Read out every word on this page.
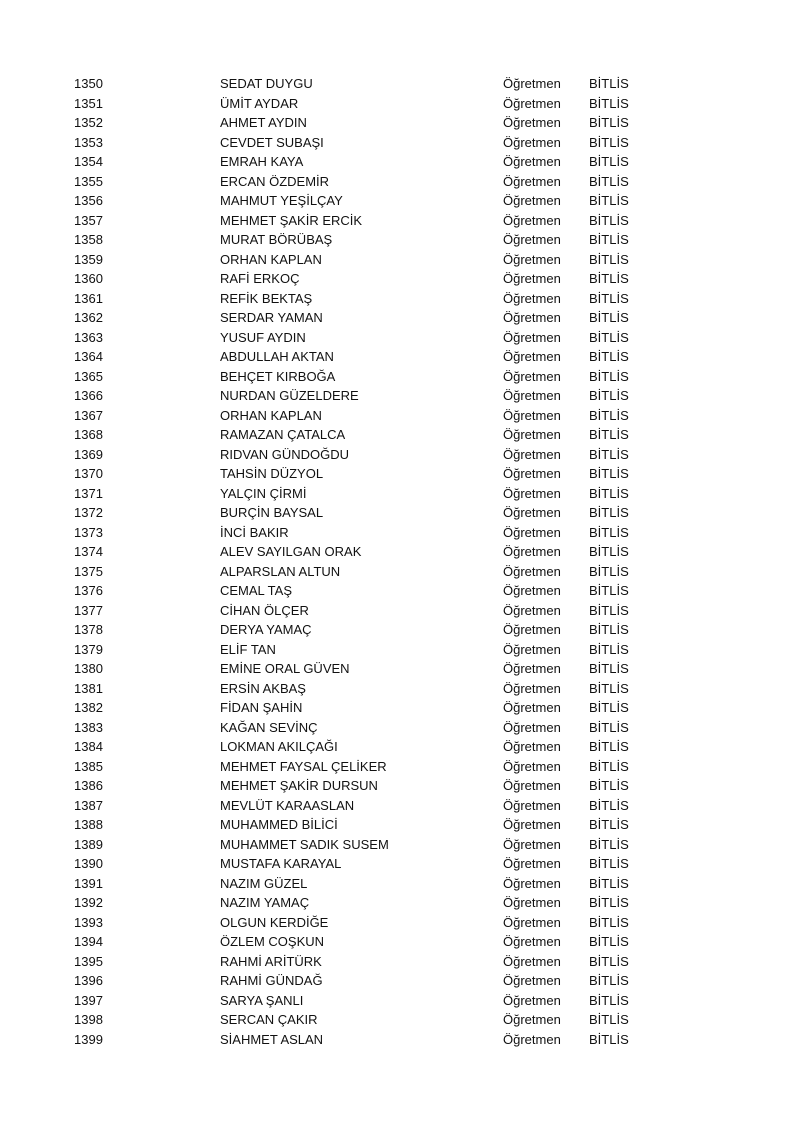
1350	SEDAT DUYGU	Öğretmen BİTLİS
1351	ÜMİT AYDAR	Öğretmen BİTLİS
1352	AHMET AYDIN	Öğretmen BİTLİS
1353	CEVDET SUBAŞI	Öğretmen BİTLİS
1354	EMRAH KAYA	Öğretmen BİTLİS
1355	ERCAN ÖZDEMİR	Öğretmen BİTLİS
1356	MAHMUT YEŞİLÇAY	Öğretmen BİTLİS
1357	MEHMET ŞAKİR ERCİK	Öğretmen BİTLİS
1358	MURAT BÖRÜBAŞ	Öğretmen BİTLİS
1359	ORHAN KAPLAN	Öğretmen BİTLİS
1360	RAFİ ERKOÇ	Öğretmen BİTLİS
1361	REFİK BEKTAŞ	Öğretmen BİTLİS
1362	SERDAR YAMAN	Öğretmen BİTLİS
1363	YUSUF AYDIN	Öğretmen BİTLİS
1364	ABDULLAH AKTAN	Öğretmen BİTLİS
1365	BEHÇET KIRBOĞA	Öğretmen BİTLİS
1366	NURDAN GÜZELDERE	Öğretmen BİTLİS
1367	ORHAN KAPLAN	Öğretmen BİTLİS
1368	RAMAZAN ÇATALCA	Öğretmen BİTLİS
1369	RIDVAN GÜNDOĞDU	Öğretmen BİTLİS
1370	TAHSİN DÜZYOL	Öğretmen BİTLİS
1371	YALÇIN ÇİRMİ	Öğretmen BİTLİS
1372	BURÇİN BAYSAL	Öğretmen BİTLİS
1373	İNCİ BAKIR	Öğretmen BİTLİS
1374	ALEV SAYILGAN ORAK	Öğretmen BİTLİS
1375	ALPARSLAN ALTUN	Öğretmen BİTLİS
1376	CEMAL TAŞ	Öğretmen BİTLİS
1377	CİHAN ÖLÇER	Öğretmen BİTLİS
1378	DERYA YAMAÇ	Öğretmen BİTLİS
1379	ELİF TAN	Öğretmen BİTLİS
1380	EMİNE ORAL GÜVEN	Öğretmen BİTLİS
1381	ERSİN AKBAŞ	Öğretmen BİTLİS
1382	FİDAN ŞAHİN	Öğretmen BİTLİS
1383	KAĞAN SEVİNÇ	Öğretmen BİTLİS
1384	LOKMAN AKILÇAĞI	Öğretmen BİTLİS
1385	MEHMET FAYSAL ÇELİKER	Öğretmen BİTLİS
1386	MEHMET ŞAKİR DURSUN	Öğretmen BİTLİS
1387	MEVLÜT KARAASLAN	Öğretmen BİTLİS
1388	MUHAMMED BİLİCİ	Öğretmen BİTLİS
1389	MUHAMMET SADIK SUSEM	Öğretmen BİTLİS
1390	MUSTAFA KARAYAL	Öğretmen BİTLİS
1391	NAZIM GÜZEL	Öğretmen BİTLİS
1392	NAZIM YAMAÇ	Öğretmen BİTLİS
1393	OLGUN KERDİĞE	Öğretmen BİTLİS
1394	ÖZLEM COŞKUN	Öğretmen BİTLİS
1395	RAHMİ ARİTÜRK	Öğretmen BİTLİS
1396	RAHMİ GÜNDAĞ	Öğretmen BİTLİS
1397	SARYA ŞANLI	Öğretmen BİTLİS
1398	SERCAN ÇAKIR	Öğretmen BİTLİS
1399	SİAHMET ASLAN	Öğretmen BİTLİS
